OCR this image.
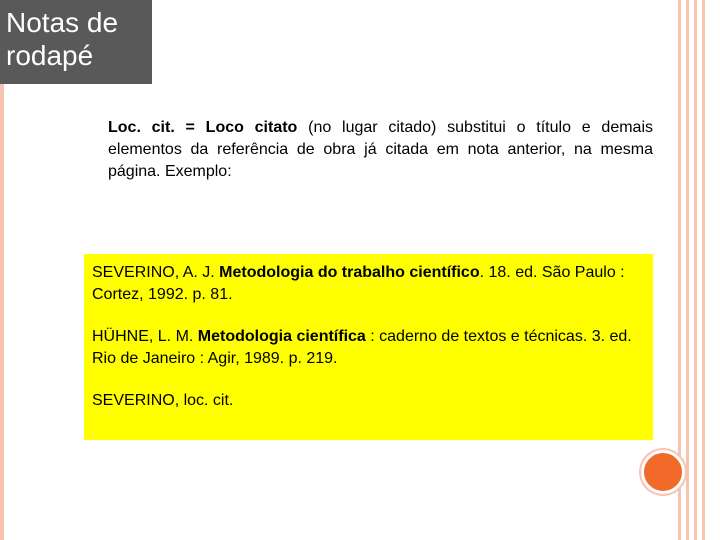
Notas de
rodapé

Loc. cit. = Loco citato (no lugar citado) substitui o título e demais elementos da referência de obra já citada em nota anterior, na mesma página. Exemplo:

SEVERINO, A. J. Metodologia do trabalho científico. 18. ed. São Paulo : Cortez, 1992. p. 81.

HÜHNE, L. M. Metodologia científica : caderno de textos e técnicas. 3. ed. Rio de Janeiro : Agir, 1989. p. 219.

SEVERINO, loc. cit.
